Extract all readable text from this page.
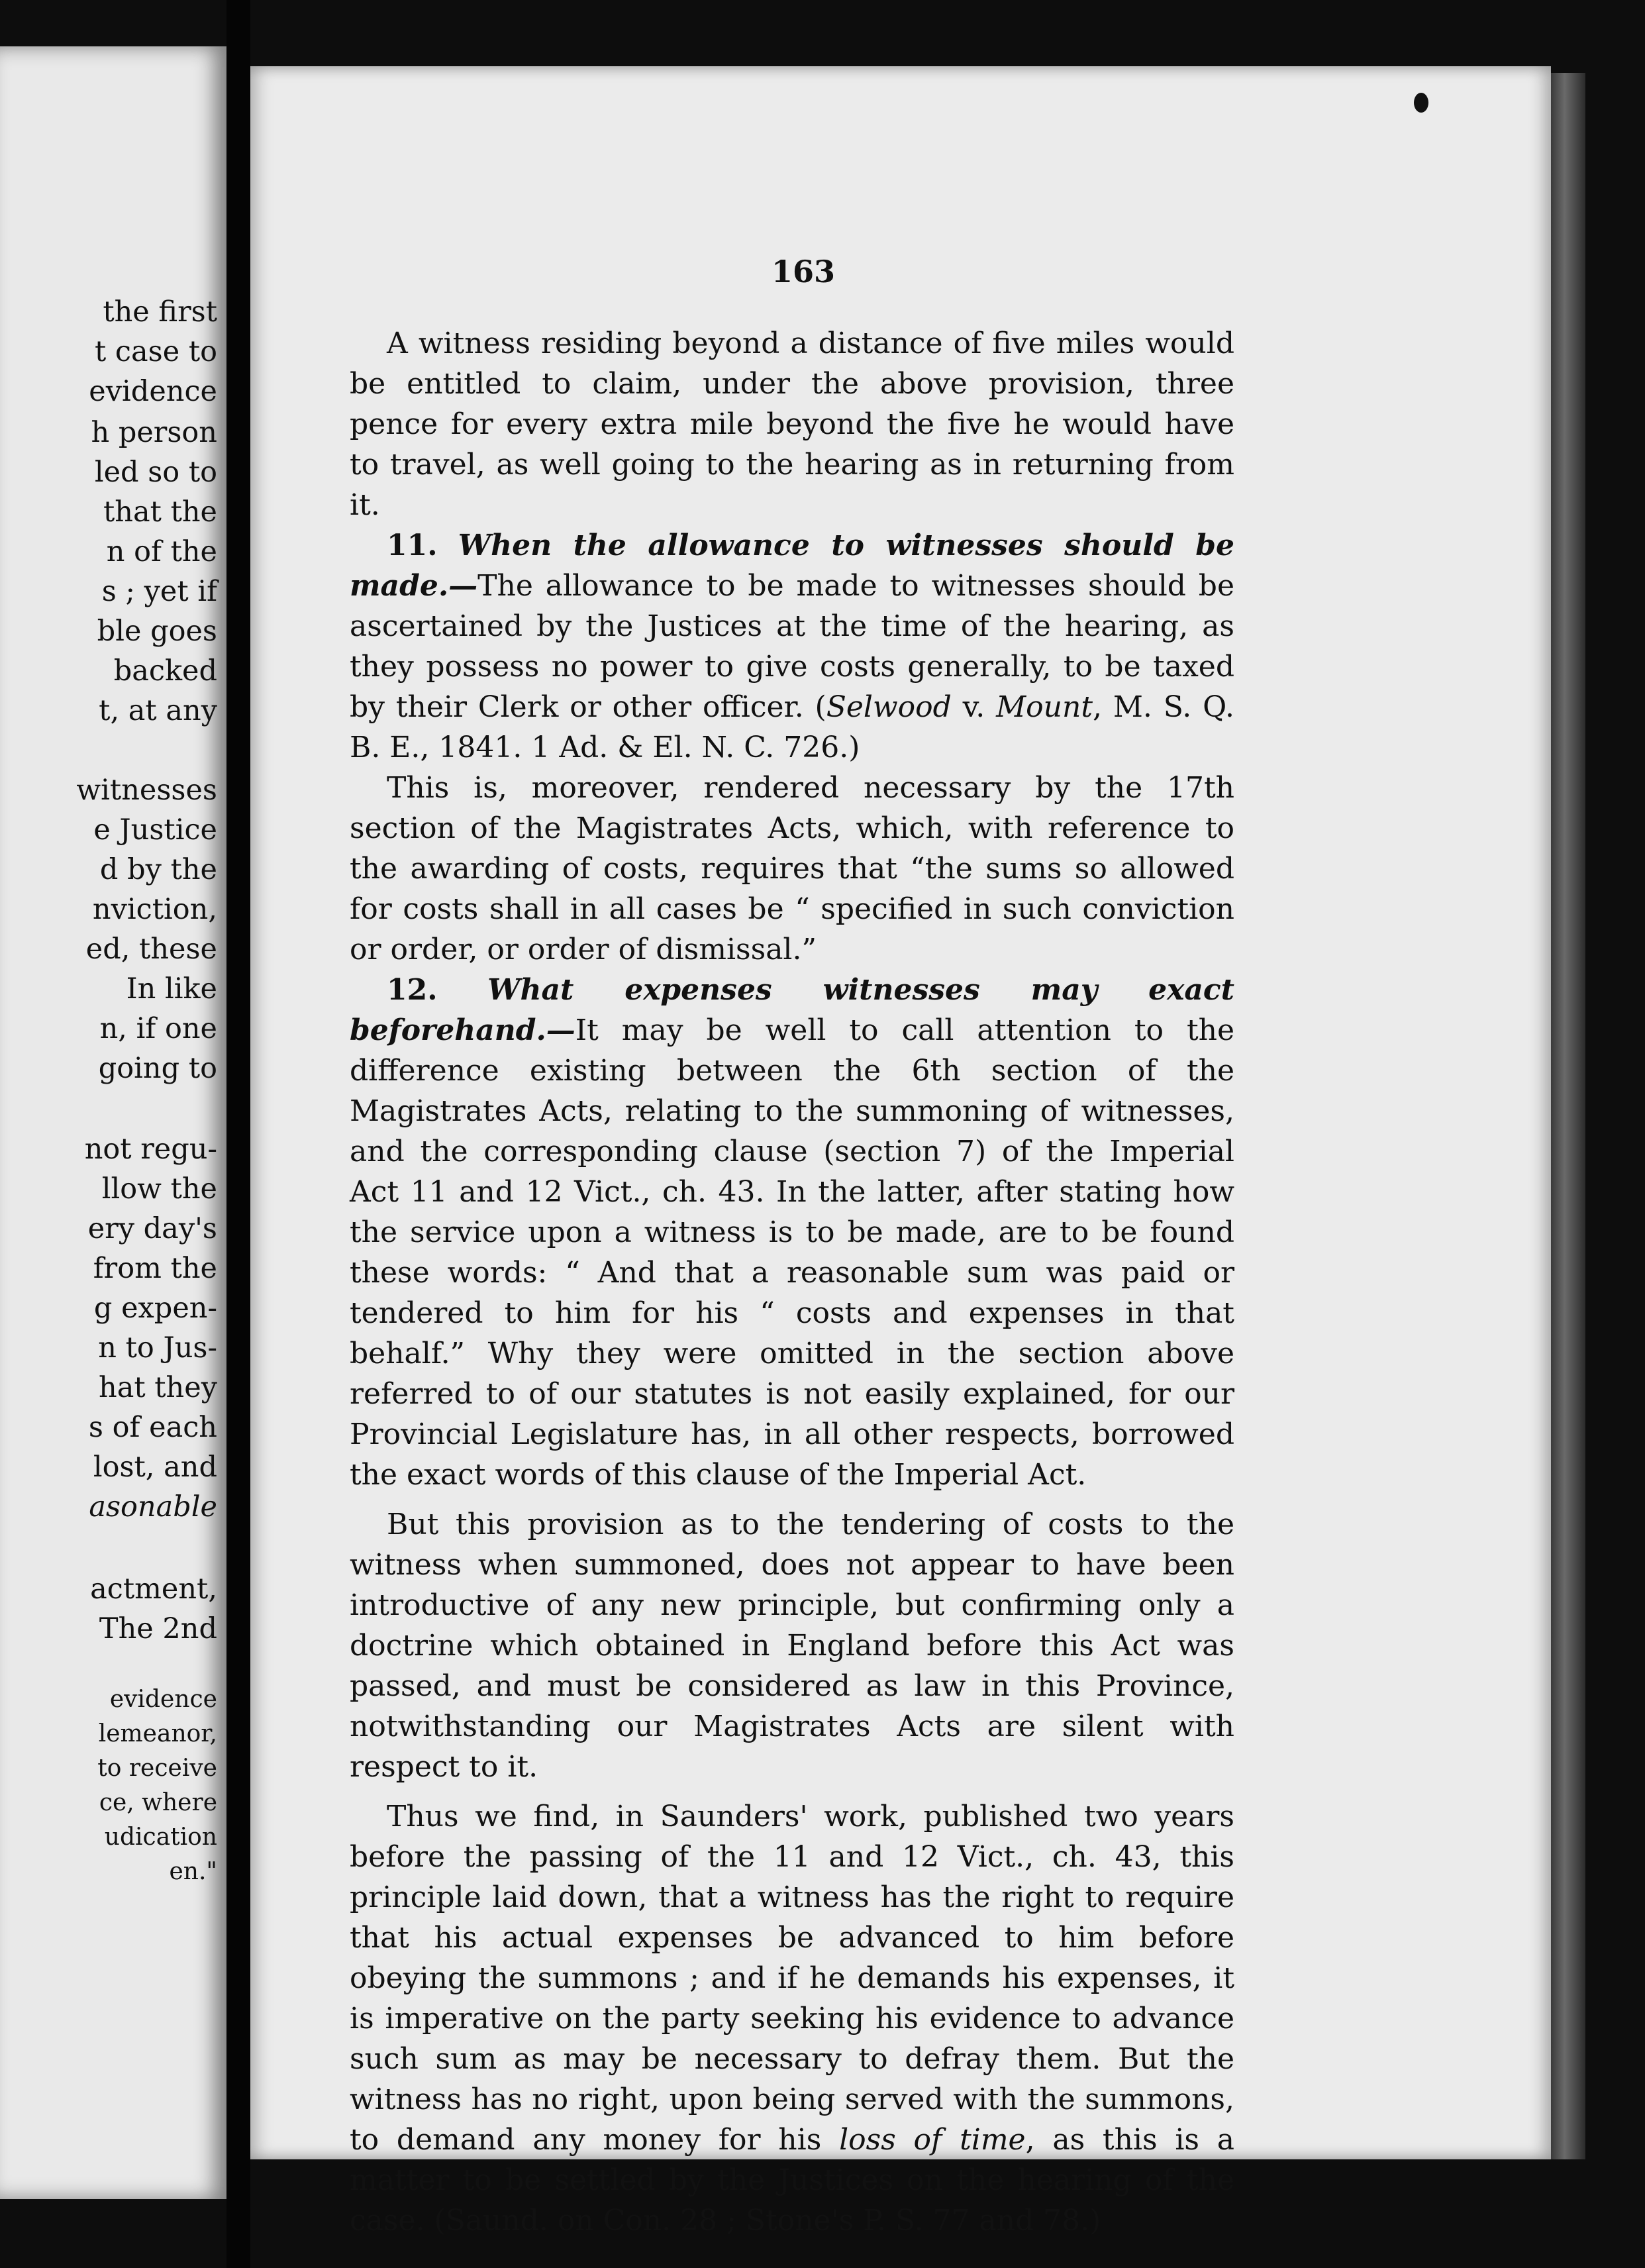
the first
t case to
evidence
h person
led so to
that the
n of the
s ; yet if
ble goes
backed
t, at any
witnesses
e Justice
d by the
nviction,
ed, these
In like
n, if one
going to
not regu-
llow the
ery day's
from the
g expen-
n to Jus-
hat they
s of each
lost, and
asonable
actment,
The 2nd
evidence
lemeanor,
to receive
ce, where
udication
en."
163

A witness residing beyond a distance of five miles would be entitled to claim, under the above provision, three pence for every extra mile beyond the five he would have to travel, as well going to the hearing as in returning from it.

11. When the allowance to witnesses should be made.—The allowance to be made to witnesses should be ascertained by the Justices at the time of the hearing, as they possess no power to give costs generally, to be taxed by their Clerk or other officer. (Selwood v. Mount, M. S. Q. B. E., 1841. 1 Ad. & El. N. C. 726.)

This is, moreover, rendered necessary by the 17th section of the Magistrates Acts, which, with reference to the awarding of costs, requires that “the sums so allowed for costs shall in all cases be “ specified in such conviction or order, or order of dismissal.”

12. What expenses witnesses may exact beforehand.—It may be well to call attention to the difference existing between the 6th section of the Magistrates Acts, relating to the summoning of witnesses, and the corresponding clause (section 7) of the Imperial Act 11 and 12 Vict., ch. 43. In the latter, after stating how the service upon a witness is to be made, are to be found these words: “ And that a reasonable sum was paid or tendered to him for his “ costs and expenses in that behalf.” Why they were omitted in the section above referred to of our statutes is not easily explained, for our Provincial Legislature has, in all other respects, borrowed the exact words of this clause of the Imperial Act.

But this provision as to the tendering of costs to the witness when summoned, does not appear to have been introductive of any new principle, but confirming only a doctrine which obtained in England before this Act was passed, and must be considered as law in this Province, notwithstanding our Magistrates Acts are silent with respect to it.

Thus we find, in Saunders' work, published two years before the passing of the 11 and 12 Vict., ch. 43, this principle laid down, that a witness has the right to require that his actual expenses be advanced to him before obeying the summons ; and if he demands his expenses, it is imperative on the party seeking his evidence to advance such sum as may be necessary to defray them. But the witness has no right, upon being served with the summons, to demand any money for his loss of time, as this is a matter to be settled by the Justices on the hearing of the case. (Saund. on Con. 28 ; Stone's P. S. 77 and 78.)
